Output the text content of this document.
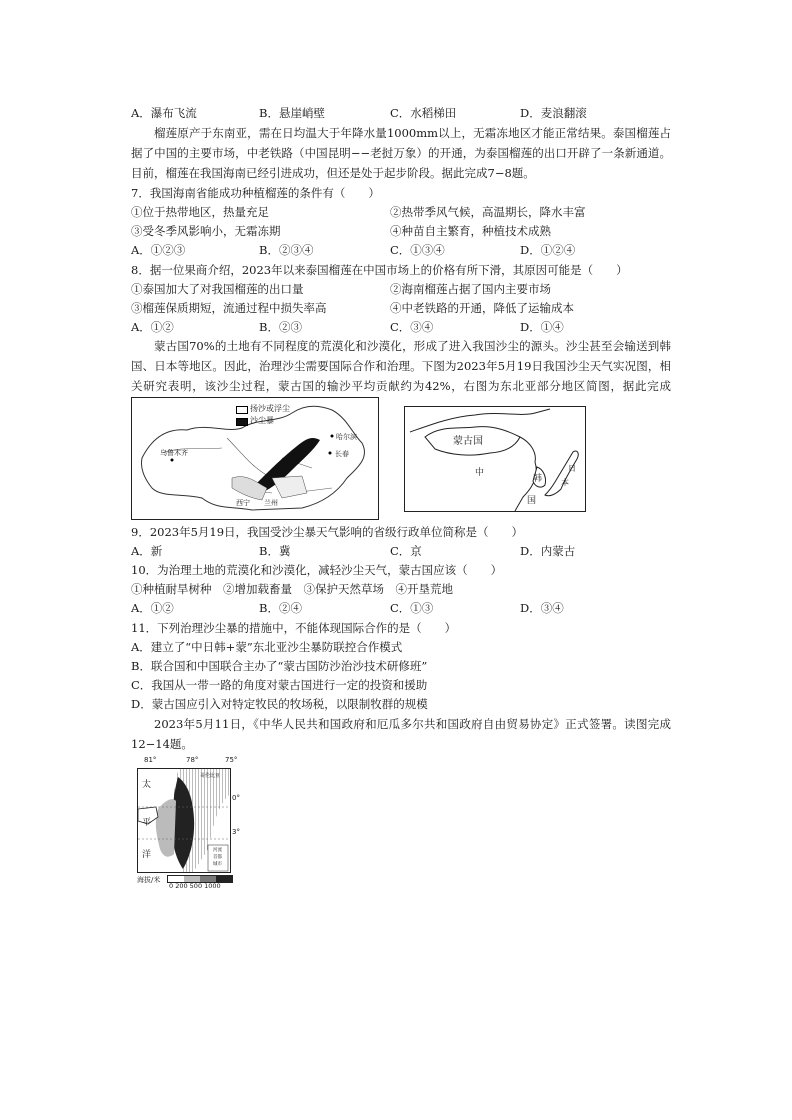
A．瀑布飞流	B．悬崖峭壁	C．水稻梯田	D．麦浪翻滚
榴莲原产于东南亚，需在日均温大于年降水量1000mm以上，无霜冻地区才能正常结果。泰国榴莲占据了中国的主要市场，中老铁路（中国昆明−−老挝万象）的开通，为泰国榴莲的出口开辟了一条新通道。目前，榴莲在我国海南已经引进成功，但还是处于起步阶段。据此完成7−8题。
7．我国海南省能成功种植榴莲的条件有（　　）
①位于热带地区，热量充足	②热带季风气候，高温期长，降水丰富
③受冬季风影响小，无霜冻期	④种苗自主繁育，种植技术成熟
A．①②③	B．②③④	C．①③④	D．①②④
8．据一位果商介绍，2023年以来泰国榴莲在中国市场上的价格有所下滑，其原因可能是（　　）
①泰国加大了对我国榴莲的出口量	②海南榴莲占据了国内主要市场
③榴莲保质期短，流通过程中损失率高	④中老铁路的开通，降低了运输成本
A．①②	B．②③	C．③④	D．①④
蒙古国70%的土地有不同程度的荒漠化和沙漠化，形成了进入我国沙尘的源头。沙尘甚至会输送到韩国、日本等地区。因此，治理沙尘需要国际合作和治理。下图为2023年5月19日我国沙尘天气实况图，相关研究表明，该沙尘过程，蒙古国的输沙平均贡献约为42%，右图为东北亚部分地区简图，据此完成
扬沙或浮尘
沙尘暴
乌鲁木齐
哈尔滨
长春
西宁 兰州
蒙古国
中
国
韩
日
本
9．2023年5月19日，我国受沙尘暴天气影响的省级行政单位简称是（　　）
A．新	B．冀	C．京	D．内蒙古
10．为治理土地的荒漠化和沙漠化，减轻沙尘天气，蒙古国应该（　　）
①种植耐旱树种　②增加载畜量　③保护天然草场　④开垦荒地
A．①②	B．②④	C．①③	D．③④
11．下列治理沙尘暴的措施中，不能体现国际合作的是（　　）
A．建立了“中日韩+蒙”东北亚沙尘暴防联控合作模式
B．联合国和中国联合主办了“蒙古国防沙治沙技术研修班”
C．我国从一带一路的角度对蒙古国进行一定的投资和援助
D．蒙古国应引入对特定牧民的牧场税，以限制牧群的规模
2023年5月11日，《中华人民共和国政府和厄瓜多尔共和国政府自由贸易协定》正式签署。读图完成12−14题。
81°	78°	75°
太
平
洋
哥伦比亚
河流
首都
城市
0°
3°
海拔/米
0 200 500 1000
